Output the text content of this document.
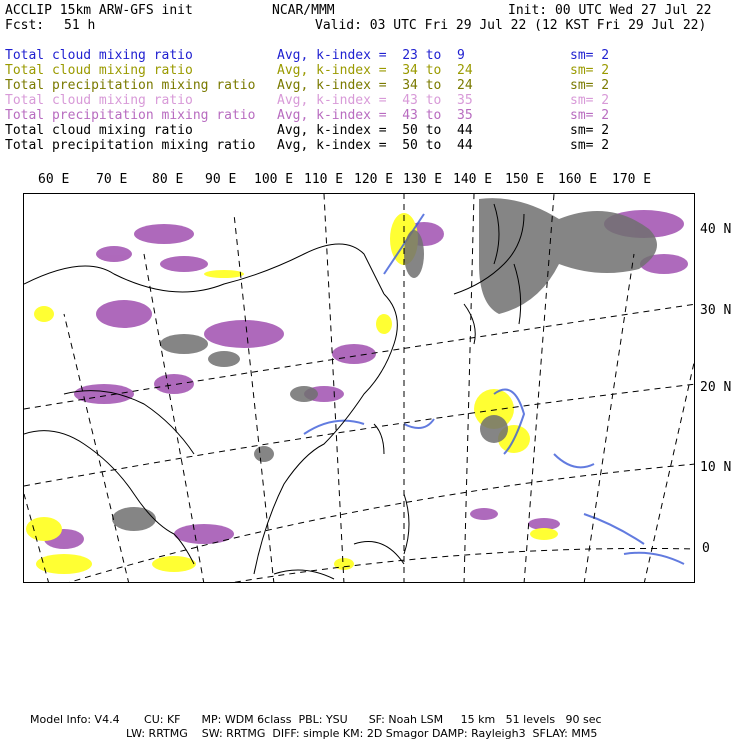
ACCLIP 15km ARW-GFS init	NCAR/MMM	Init: 00 UTC Wed 27 Jul 22
Fcst: 51 h	Valid: 03 UTC Fri 29 Jul 22 (12 KST Fri 29 Jul 22)

Total cloud mixing ratio	Avg, k-index =  23 to  9	sm= 2

Total cloud mixing ratio	Avg, k-index =  34 to  24	sm= 2

Total precipitation mixing ratio Avg, k-index =  34 to  24	sm= 2

Total cloud mixing ratio	Avg, k-index =  43 to  35	sm= 2

Total precipitation mixing ratio Avg, k-index =  43 to  35	sm= 2

Total cloud mixing ratio	Avg, k-index =  50 to  44	sm= 2

Total precipitation mixing ratio Avg, k-index =  50 to  44	sm= 2

60 E 70 E 80 E 90 E 100 E 110 E 120 E 130 E 140 E 150 E 160 E 170 E
40 N
30 N
20 N
10 N
0
Model Info: V4.4       CU: KF      MP: WDM 6class  PBL: YSU      SF: Noah LSM     15 km   51 levels   90 sec
LW: RRTMG    SW: RRTMG  DIFF: simple KM: 2D Smagor DAMP: Rayleigh3  SFLAY: MM5
